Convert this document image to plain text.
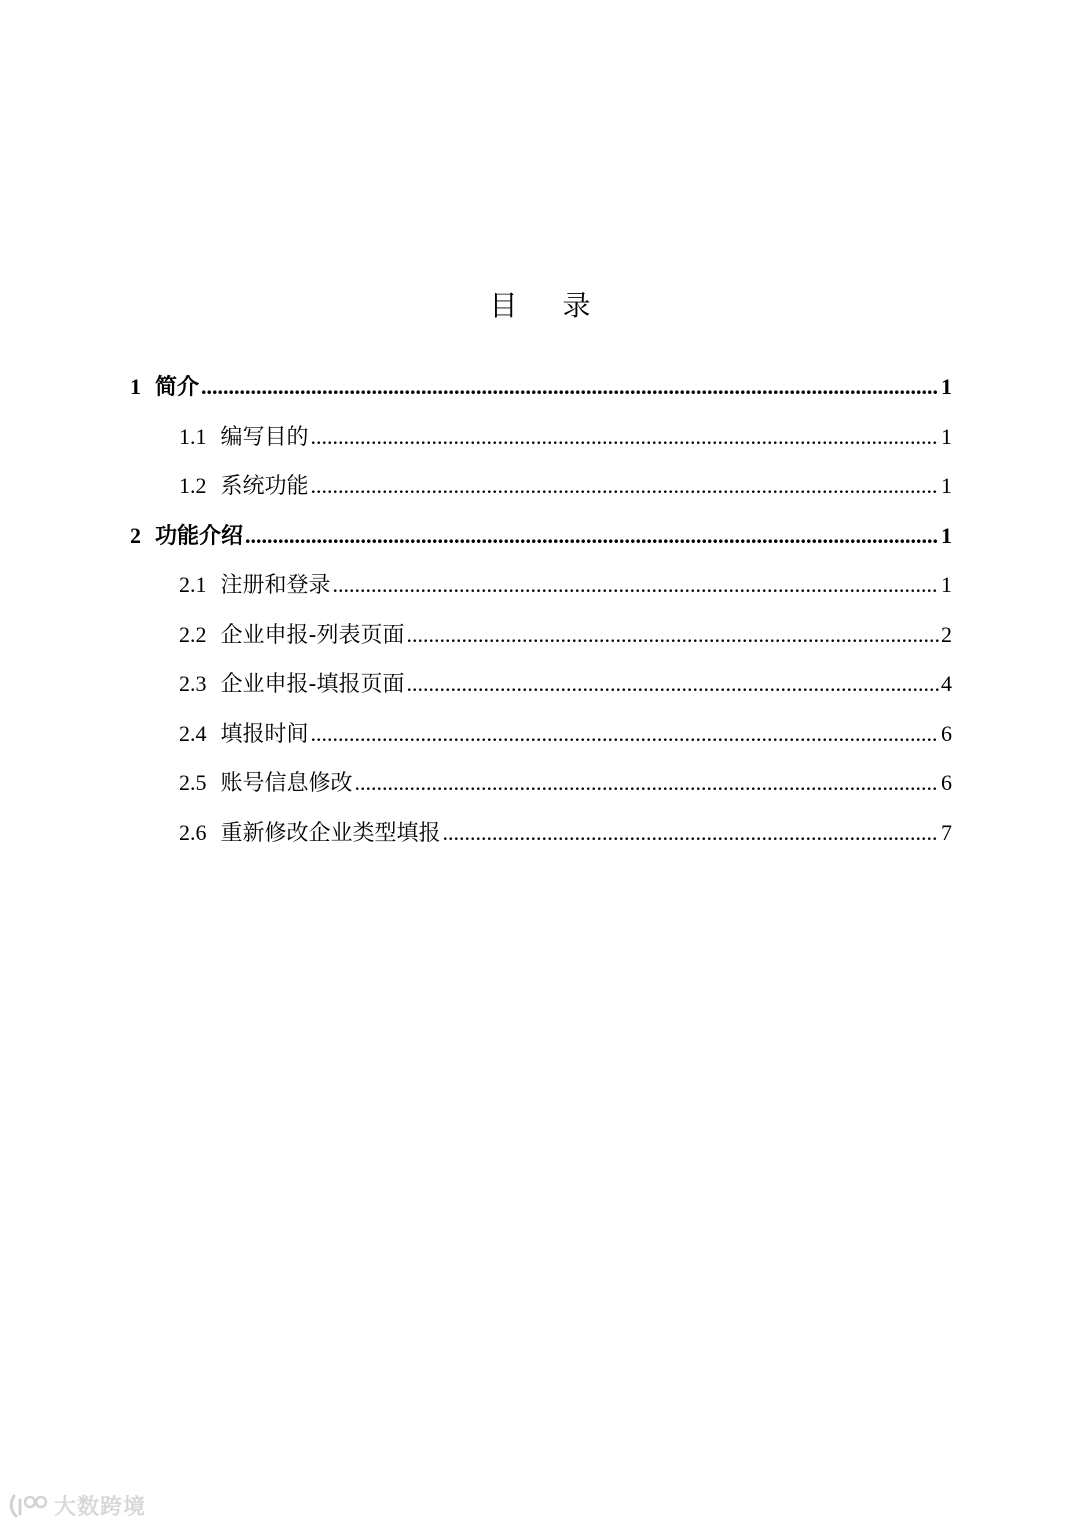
目 录
1 简介 .....	1
1.1 编写目的 .....	1
1.2 系统功能 .....	1
2 功能介绍 .....	1
2.1 注册和登录 .....	1
2.2 企业申报-列表页面 .....	2
2.3 企业申报-填报页面 .....	4
2.4 填报时间 .....	6
2.5 账号信息修改 .....	6
2.6 重新修改企业类型填报 .....	7
大数跨境
